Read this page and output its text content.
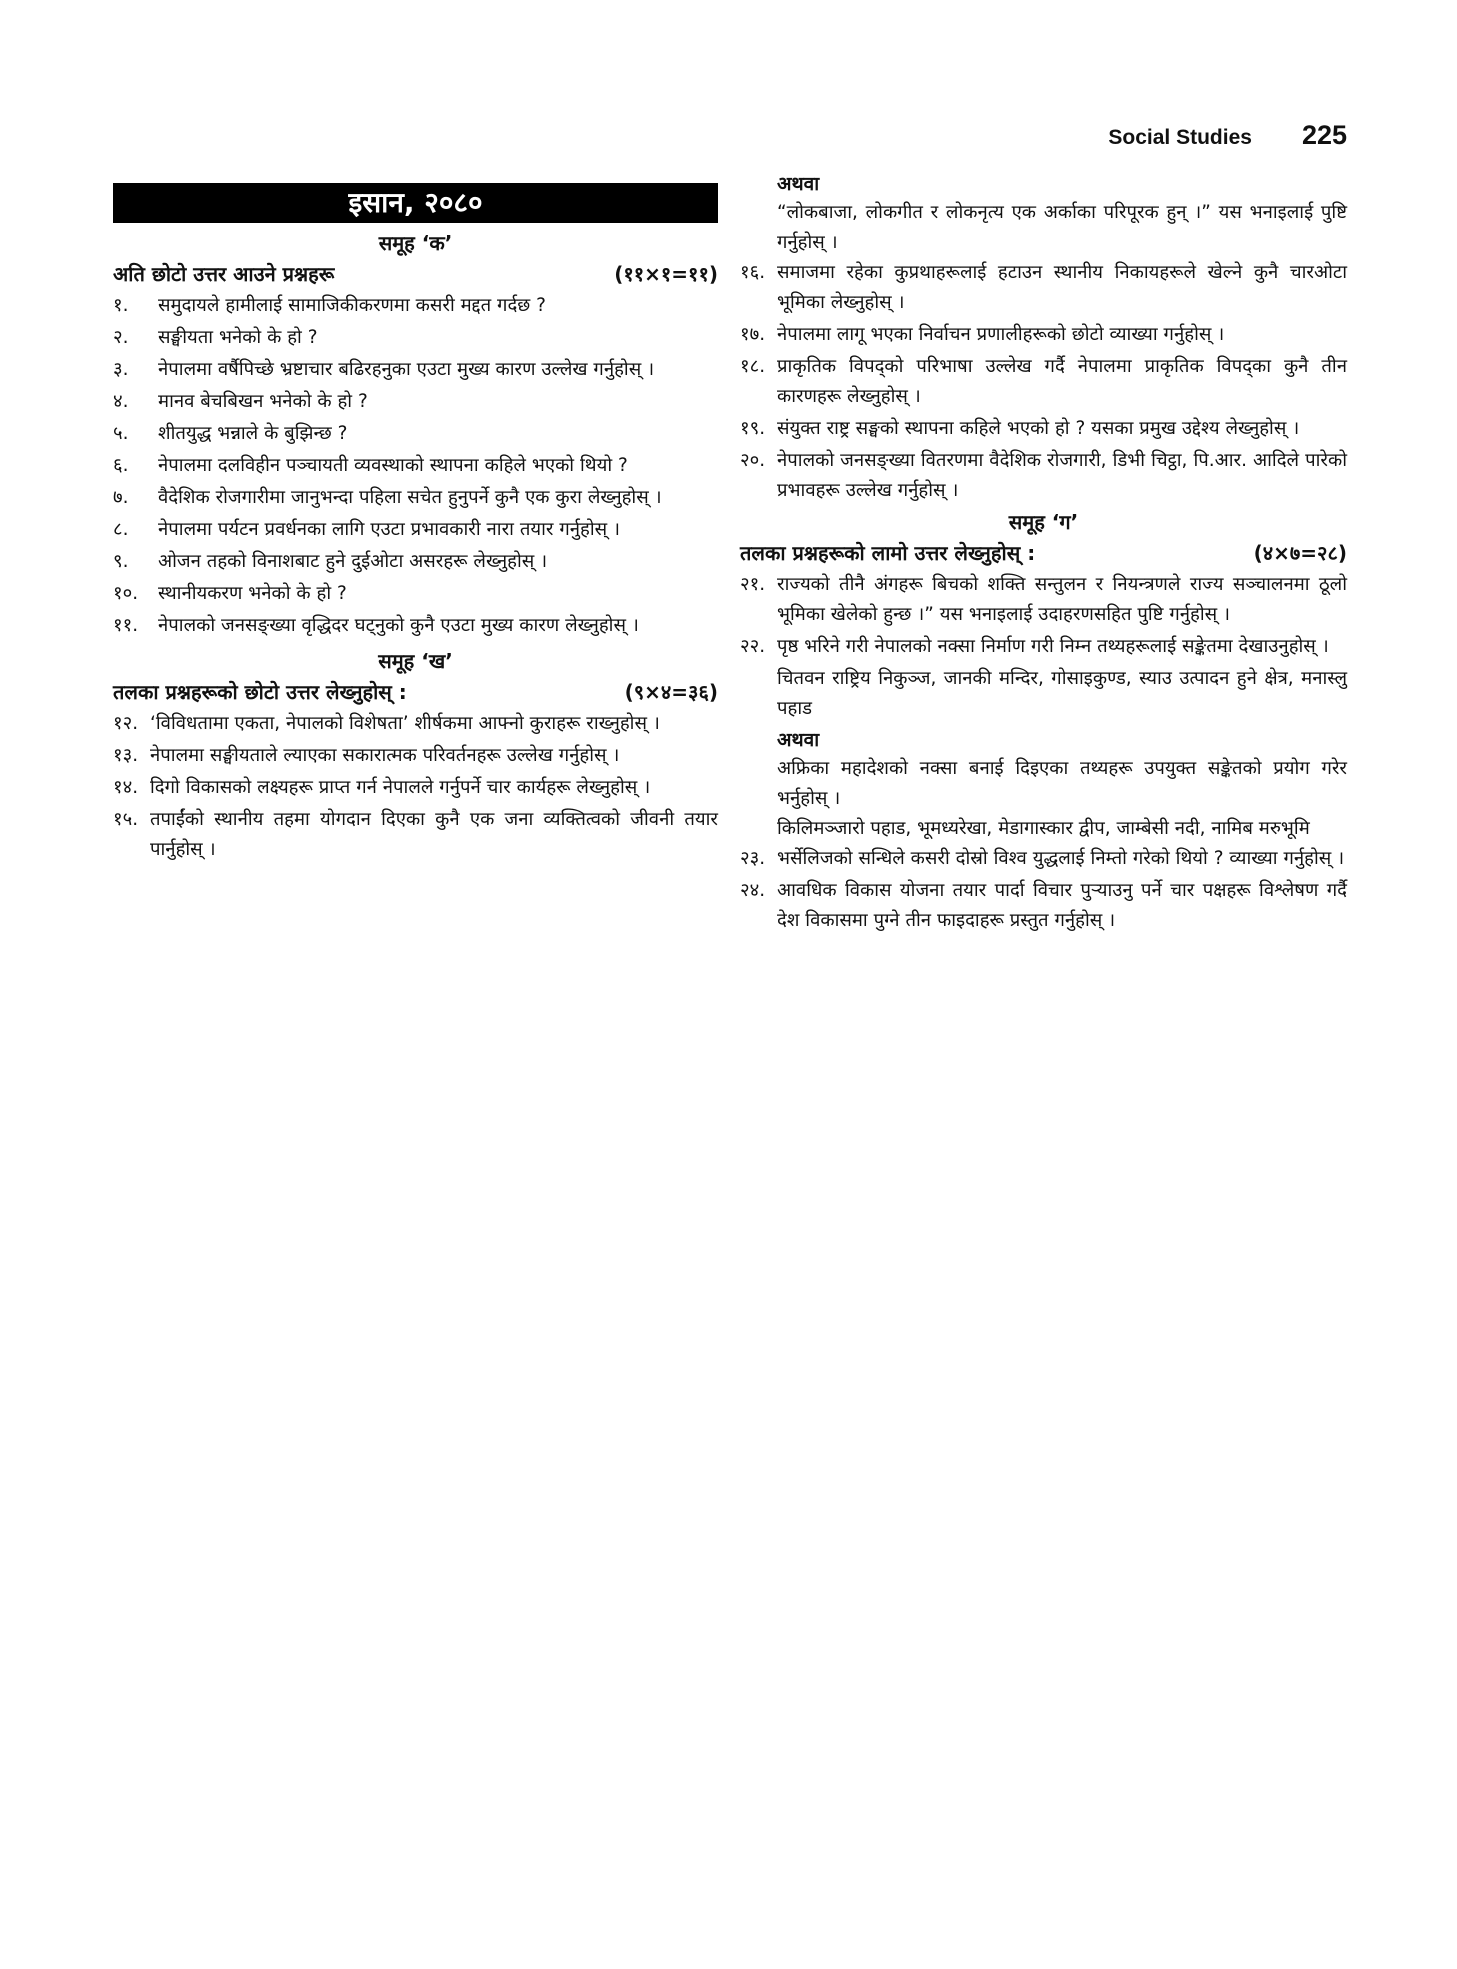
Social Studies 225
इसान, २०८०
समूह ‘क’
अति छोटो उत्तर आउने प्रश्नहरू	(११×१=११)
१.	समुदायले हामीलाई सामाजिकीकरणमा कसरी मद्दत गर्दछ ?
२.	सङ्घीयता भनेको के हो ?
३.	नेपालमा वर्षैपिच्छे भ्रष्टाचार बढिरहनुका एउटा मुख्य कारण उल्लेख गर्नुहोस् ।
४.	मानव बेचबिखन भनेको के हो ?
५.	शीतयुद्ध भन्नाले के बुझिन्छ ?
६.	नेपालमा दलविहीन पञ्चायती व्यवस्थाको स्थापना कहिले भएको थियो ?
७.	वैदेशिक रोजगारीमा जानुभन्दा पहिला सचेत हुनुपर्ने कुनै एक कुरा लेख्नुहोस् ।
८.	नेपालमा पर्यटन प्रवर्धनका लागि एउटा प्रभावकारी नारा तयार गर्नुहोस् ।
९.	ओजन तहको विनाशबाट हुने दुईओटा असरहरू लेख्नुहोस् ।
१०.	स्थानीयकरण भनेको के हो ?
११.	नेपालको जनसङ्ख्या वृद्धिदर घट्नुको कुनै एउटा मुख्य कारण लेख्नुहोस् ।
समूह ‘ख’
तलका प्रश्नहरूको छोटो उत्तर लेख्नुहोस् :	(९×४=३६)
१२. ‘विविधतामा एकता, नेपालको विशेषता’ शीर्षकमा आफ्नो कुराहरू राख्नुहोस् ।
१३. नेपालमा सङ्घीयताले ल्याएका सकारात्मक परिवर्तनहरू उल्लेख गर्नुहोस् ।
१४. दिगो विकासको लक्ष्यहरू प्राप्त गर्न नेपालले गर्नुपर्ने चार कार्यहरू लेख्नुहोस् ।
१५. तपाईंको स्थानीय तहमा योगदान दिएका कुनै एक जना व्यक्तित्वको जीवनी तयार पार्नुहोस् ।
अथवा
“लोकबाजा, लोकगीत र लोकनृत्य एक अर्काका परिपूरक हुन् ।” यस भनाइलाई पुष्टि गर्नुहोस् ।
१६. समाजमा रहेका कुप्रथाहरूलाई हटाउन स्थानीय निकायहरूले खेल्ने कुनै चारओटा भूमिका लेख्नुहोस् ।
१७. नेपालमा लागू भएका निर्वाचन प्रणालीहरूको छोटो व्याख्या गर्नुहोस् ।
१८. प्राकृतिक विपद्को परिभाषा उल्लेख गर्दै नेपालमा प्राकृतिक विपद्का कुनै तीन कारणहरू लेख्नुहोस् ।
१९. संयुक्त राष्ट्र सङ्घको स्थापना कहिले भएको हो ? यसका प्रमुख उद्देश्य लेख्नुहोस् ।
२०. नेपालको जनसङ्ख्या वितरणमा वैदेशिक रोजगारी, डिभी चिट्ठा, पि.आर. आदिले पारेको प्रभावहरू उल्लेख गर्नुहोस् ।
समूह ‘ग’
तलका प्रश्नहरूको लामो उत्तर लेख्नुहोस् :	(४×७=२८)
२१. राज्यको तीनै अंगहरू बिचको शक्ति सन्तुलन र नियन्त्रणले राज्य सञ्चालनमा ठूलो भूमिका खेलेको हुन्छ ।” यस भनाइलाई उदाहरणसहित पुष्टि गर्नुहोस् ।
२२. पृष्ठ भरिने गरी नेपालको नक्सा निर्माण गरी निम्न तथ्यहरूलाई सङ्केतमा देखाउनुहोस् ।
चितवन राष्ट्रिय निकुञ्ज, जानकी मन्दिर, गोसाइकुण्ड, स्याउ उत्पादन हुने क्षेत्र, मनास्लु पहाड
अथवा
अफ्रिका महादेशको नक्सा बनाई दिइएका तथ्यहरू उपयुक्त सङ्केतको प्रयोग गरेर भर्नुहोस् ।
किलिमञ्जारो पहाड, भूमध्यरेखा, मेडागास्कार द्वीप, जाम्बेसी नदी, नामिब मरुभूमि
२३. भर्सेलिजको सन्धिले कसरी दोस्रो विश्व युद्धलाई निम्तो गरेको थियो ? व्याख्या गर्नुहोस् ।
२४. आवधिक विकास योजना तयार पार्दा विचार पुऱ्याउनु पर्ने चार पक्षहरू विश्लेषण गर्दै देश विकासमा पुग्ने तीन फाइदाहरू प्रस्तुत गर्नुहोस् ।
